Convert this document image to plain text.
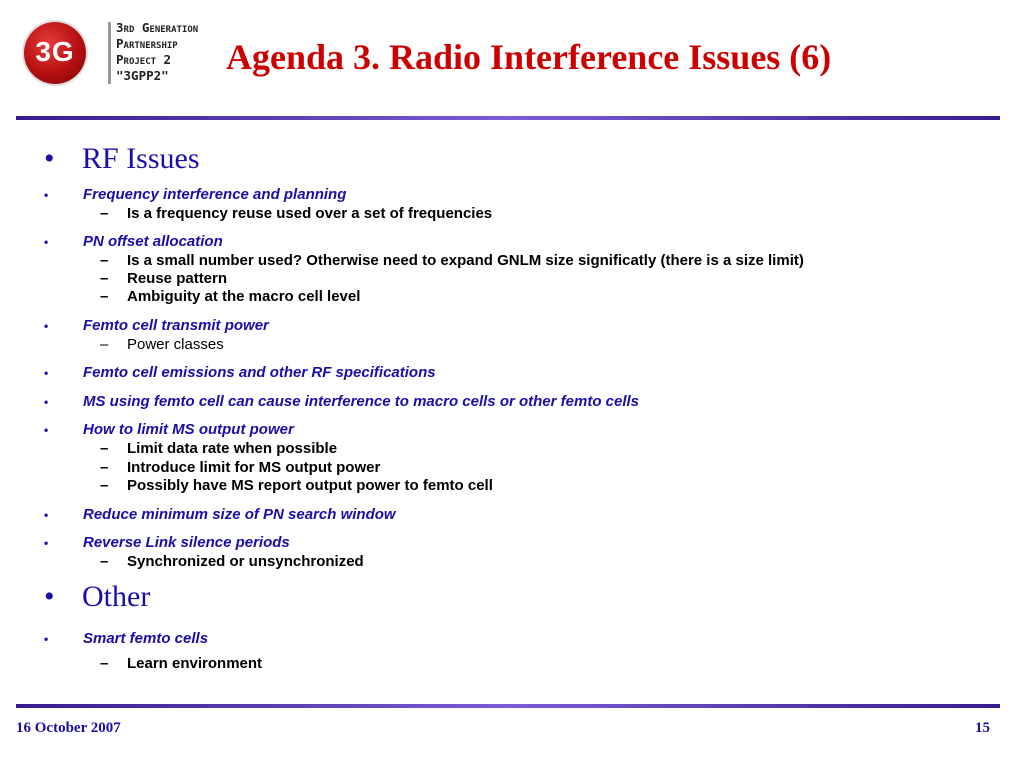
3G
3rd Generation
Partnership
Project 2
"3GPP2"	Agenda 3. Radio Interference Issues (6)
• RF Issues
• Frequency interference and planning
– Is a frequency reuse used over a set of frequencies
• PN offset allocation
– Is a small number used? Otherwise need to expand GNLM size significatly (there is a size limit)
– Reuse pattern
– Ambiguity at the macro cell level
• Femto cell transmit power
– Power classes
• Femto cell emissions and other RF specifications
• MS using femto cell can cause interference to macro cells or other femto cells
• How to limit MS output power
– Limit data rate when possible
– Introduce limit for MS output power
– Possibly have MS report output power to femto cell
• Reduce minimum size of PN search window
• Reverse Link silence periods
– Synchronized or unsynchronized
• Other
• Smart femto cells
– Learn environment
16 October 2007	15
